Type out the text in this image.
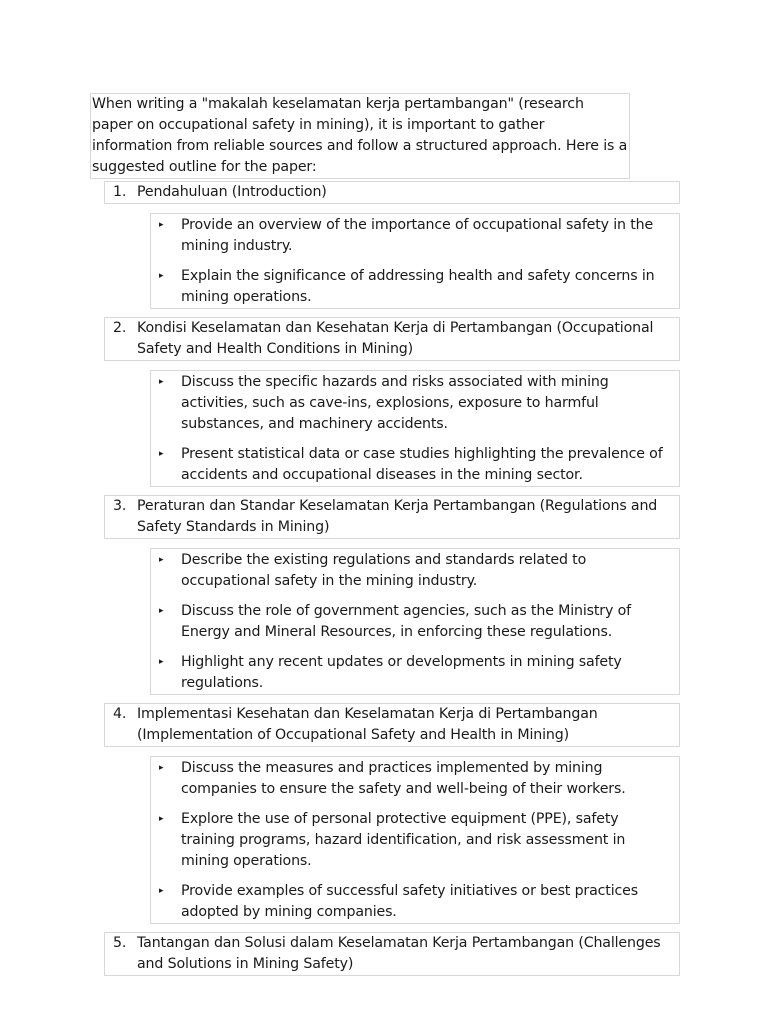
When writing a "makalah keselamatan kerja pertambangan" (research paper on occupational safety in mining), it is important to gather information from reliable sources and follow a structured approach. Here is a suggested outline for the paper:
1. Pendahuluan (Introduction)
▸	Provide an overview of the importance of occupational safety in the mining industry.
▸	Explain the significance of addressing health and safety concerns in mining operations.
2. Kondisi Keselamatan dan Kesehatan Kerja di Pertambangan (Occupational Safety and Health Conditions in Mining)
▸	Discuss the specific hazards and risks associated with mining activities, such as cave-ins, explosions, exposure to harmful substances, and machinery accidents.
▸	Present statistical data or case studies highlighting the prevalence of accidents and occupational diseases in the mining sector.
3. Peraturan dan Standar Keselamatan Kerja Pertambangan (Regulations and Safety Standards in Mining)
▸	Describe the existing regulations and standards related to occupational safety in the mining industry.
▸	Discuss the role of government agencies, such as the Ministry of Energy and Mineral Resources, in enforcing these regulations.
▸	Highlight any recent updates or developments in mining safety regulations.
4. Implementasi Kesehatan dan Keselamatan Kerja di Pertambangan (Implementation of Occupational Safety and Health in Mining)
▸	Discuss the measures and practices implemented by mining companies to ensure the safety and well-being of their workers.
▸	Explore the use of personal protective equipment (PPE), safety training programs, hazard identification, and risk assessment in mining operations.
▸	Provide examples of successful safety initiatives or best practices adopted by mining companies.
5. Tantangan dan Solusi dalam Keselamatan Kerja Pertambangan (Challenges and Solutions in Mining Safety)
